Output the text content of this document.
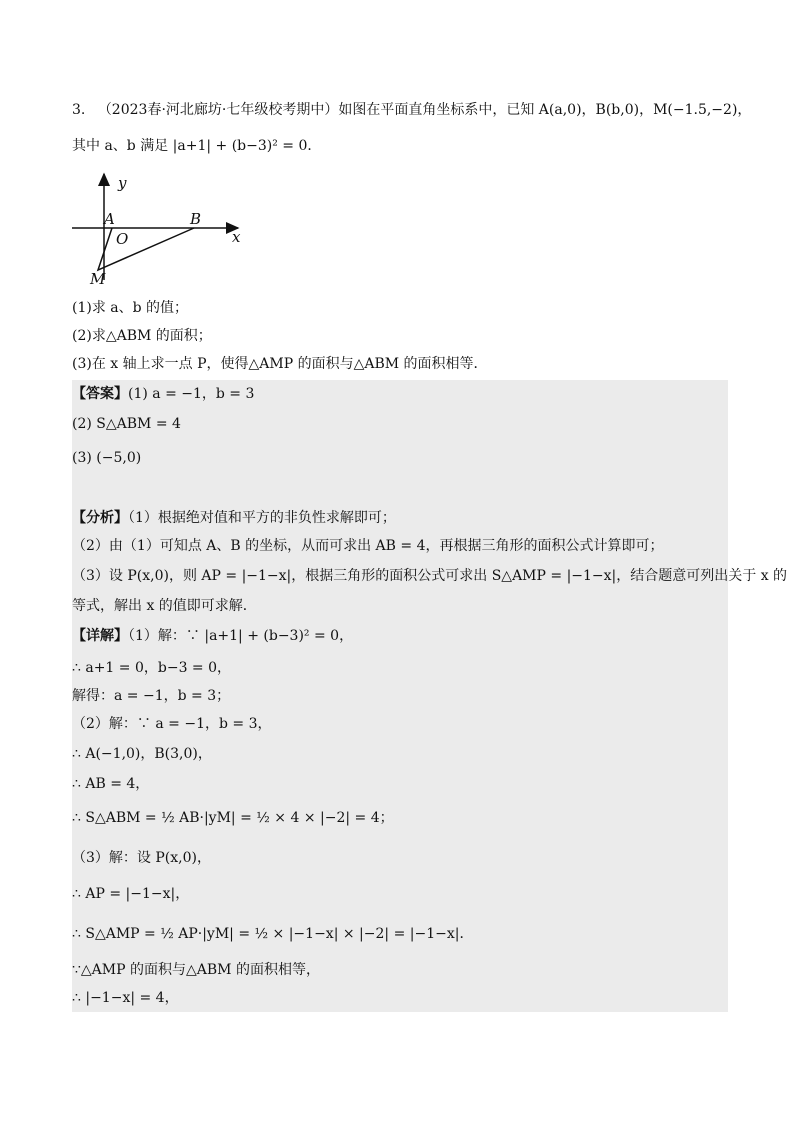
3. （2023春·河北廊坊·七年级校考期中）如图在平面直角坐标系中，已知 A(a,0)，B(b,0)，M(−1.5,−2)，
其中 a、b 满足 |a+1| + (b−3)² = 0．
y
x
A
O
B
M
(1)求 a、b 的值；
(2)求△ABM 的面积；
(3)在 x 轴上求一点 P，使得△AMP 的面积与△ABM 的面积相等．
【答案】(1) a = −1，b = 3
(2) S△ABM = 4
(3) (−5,0)
【分析】（1）根据绝对值和平方的非负性求解即可；
（2）由（1）可知点 A、B 的坐标，从而可求出 AB = 4，再根据三角形的面积公式计算即可；
（3）设 P(x,0)，则 AP = |−1−x|，根据三角形的面积公式可求出 S△AMP = |−1−x|，结合题意可列出关于 x 的
等式，解出 x 的值即可求解．
【详解】（1）解：∵ |a+1| + (b−3)² = 0，
∴ a+1 = 0，b−3 = 0，
解得：a = −1，b = 3；
（2）解：∵ a = −1，b = 3，
∴ A(−1,0)，B(3,0)，
∴ AB = 4，
∴ S△ABM = ½ AB·|yM| = ½ × 4 × |−2| = 4；
（3）解：设 P(x,0)，
∴ AP = |−1−x|，
∴ S△AMP = ½ AP·|yM| = ½ × |−1−x| × |−2| = |−1−x|．
∵△AMP 的面积与△ABM 的面积相等，
∴ |−1−x| = 4，
